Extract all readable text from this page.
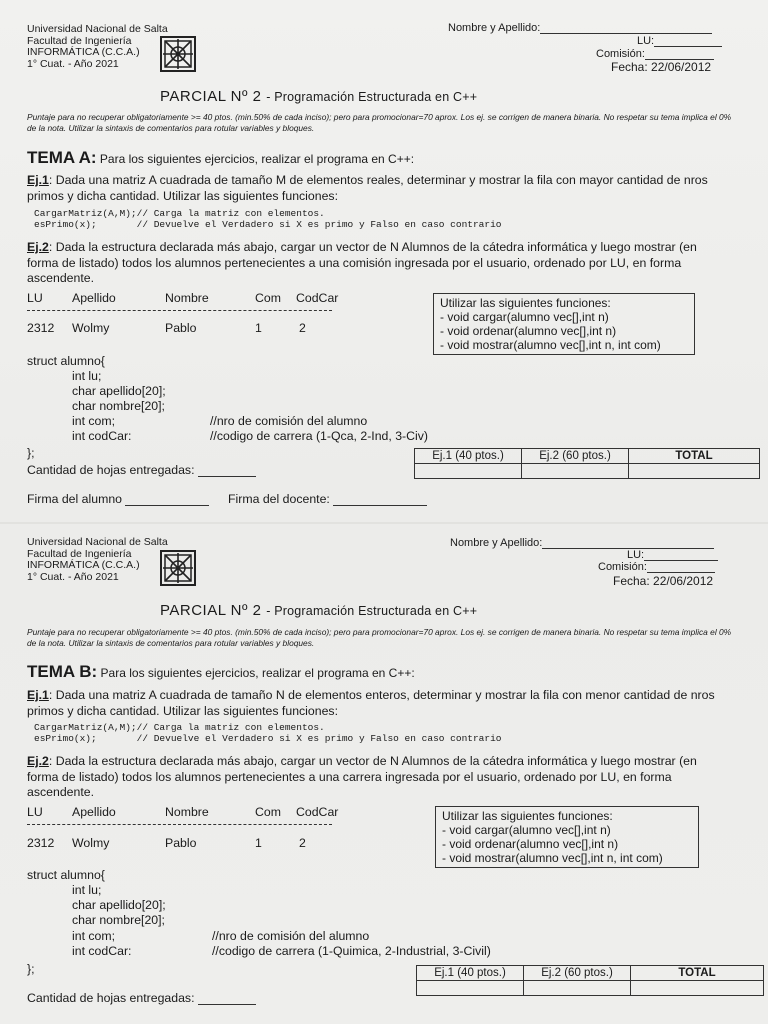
Universidad Nacional de Salta
Facultad de Ingeniería
INFORMÁTICA (C.C.A.)
1° Cuat. - Año 2021
Nombre y Apellido:
LU:
Comisión:
Fecha: 22/06/2012
PARCIAL Nº 2 - Programación Estructurada en C++
Puntaje para no recuperar obligatoriamente >= 40 ptos. (min.50% de cada inciso); pero para promocionar=70 aprox. Los ej. se corrigen de manera binaria. No respetar su tema implica el 0% de la nota. Utilizar la sintaxis de comentarios para rotular variables y bloques.
TEMA A: Para los siguientes ejercicios, realizar el programa en C++:
Ej.1: Dada una matriz A cuadrada de tamaño M de elementos reales, determinar y mostrar la fila con mayor cantidad de nros primos y dicha cantidad. Utilizar las siguientes funciones:
CargarMatriz(A,M);// Carga la matriz con elementos.
esPrimo(x);       // Devuelve el Verdadero si X es primo y Falso en caso contrario
Ej.2: Dada la estructura declarada más abajo, cargar un vector de N Alumnos de la cátedra informática y luego mostrar (en forma de listado) todos los alumnos pertenecientes a una comisión ingresada por el usuario, ordenado por LU, en forma ascendente.
LU Apellido	Nombre	Com CodCar
2312 Wolmy	Pablo	1	2
Utilizar las siguientes funciones:
- void cargar(alumno vec[],int n)
- void ordenar(alumno vec[],int n)
- void mostrar(alumno vec[],int n, int com)
struct alumno{
int lu;
char apellido[20];
char nombre[20];
int com;	//nro de comisión del alumno
int codCar:	//codigo de carrera (1-Qca, 2-Ind, 3-Civ)
};	Ej.1 (40 ptos.)	Ej.2 (60 ptos.)	TOTAL

Cantidad de hojas entregadas:
Firma del alumno	Firma del docente:
Universidad Nacional de Salta
Facultad de Ingeniería
INFORMÁTICA (C.C.A.)
1° Cuat. - Año 2021
Nombre y Apellido:
LU:
Comisión:
Fecha: 22/06/2012
PARCIAL Nº 2 - Programación Estructurada en C++
Puntaje para no recuperar obligatoriamente >= 40 ptos. (min.50% de cada inciso); pero para promocionar=70 aprox. Los ej. se corrigen de manera binaria. No respetar su tema implica el 0% de la nota. Utilizar la sintaxis de comentarios para rotular variables y bloques.
TEMA B: Para los siguientes ejercicios, realizar el programa en C++:
Ej.1: Dada una matriz A cuadrada de tamaño N de elementos enteros, determinar y mostrar la fila con menor cantidad de nros primos y dicha cantidad. Utilizar las siguientes funciones:
CargarMatriz(A,M);// Carga la matriz con elementos.
esPrimo(x);       // Devuelve el Verdadero si X es primo y Falso en caso contrario
Ej.2: Dada la estructura declarada más abajo, cargar un vector de N Alumnos de la cátedra informática y luego mostrar (en forma de listado) todos los alumnos pertenecientes a una carrera ingresada por el usuario, ordenado por LU, en forma ascendente.
LU Apellido	Nombre	Com CodCar
2312 Wolmy	Pablo	1	2
Utilizar las siguientes funciones:
- void cargar(alumno vec[],int n)
- void ordenar(alumno vec[],int n)
- void mostrar(alumno vec[],int n, int com)
struct alumno{
int lu;
char apellido[20];
char nombre[20];
int com;	//nro de comisión del alumno
int codCar:	//codigo de carrera (1-Quimica, 2-Industrial, 3-Civil)
};	Ej.1 (40 ptos.)	Ej.2 (60 ptos.)	TOTAL

Cantidad de hojas entregadas:
